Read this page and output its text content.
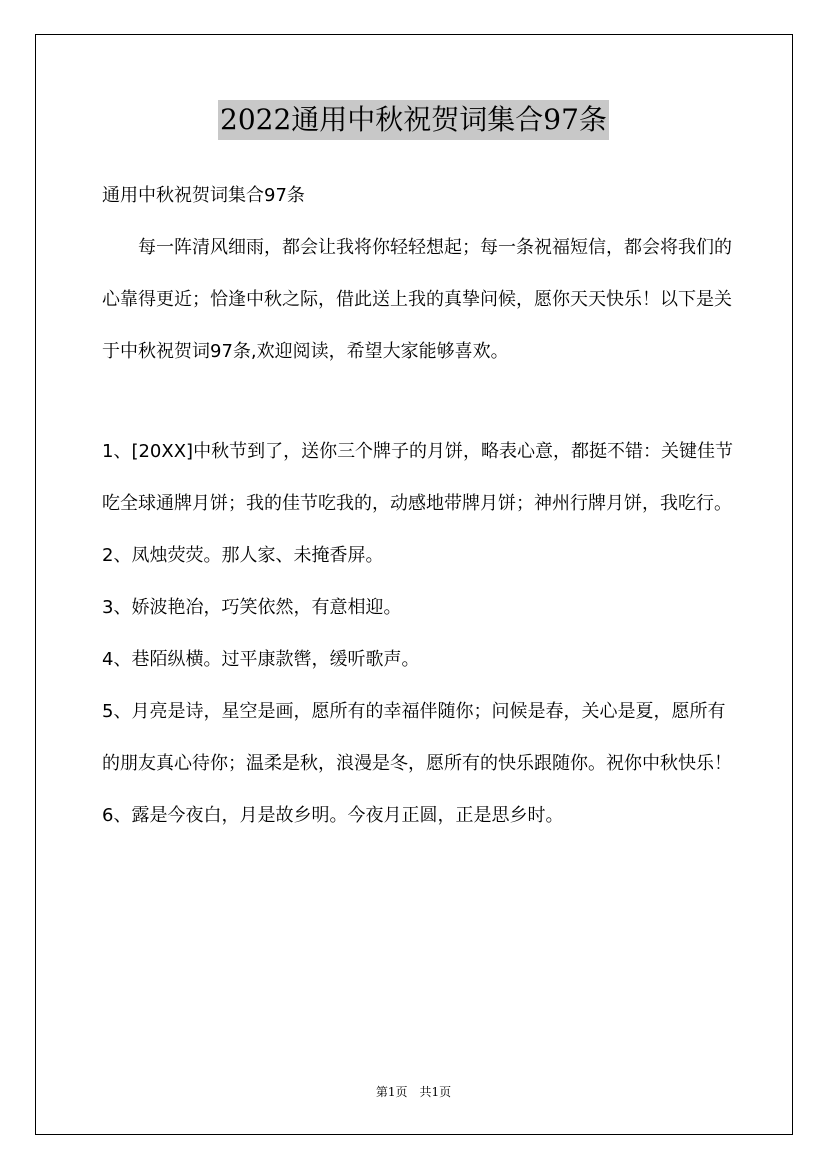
2022通用中秋祝贺词集合97条

通用中秋祝贺词集合97条

每一阵清风细雨，都会让我将你轻轻想起；每一条祝福短信，都会将我们的心靠得更近；恰逢中秋之际，借此送上我的真挚问候，愿你天天快乐！以下是关于中秋祝贺词97条,欢迎阅读，希望大家能够喜欢。

1、[20XX]中秋节到了，送你三个牌子的月饼，略表心意，都挺不错：关键佳节吃全球通牌月饼；我的佳节吃我的，动感地带牌月饼；神州行牌月饼，我吃行。

2、凤烛荧荧。那人家、未掩香屏。

3、娇波艳冶，巧笑依然，有意相迎。

4、巷陌纵横。过平康款辔，缓听歌声。

5、月亮是诗，星空是画，愿所有的幸福伴随你；问候是春，关心是夏，愿所有的朋友真心待你；温柔是秋，浪漫是冬，愿所有的快乐跟随你。祝你中秋快乐！

6、露是今夜白，月是故乡明。今夜月正圆，正是思乡时。

第1页　共1页
